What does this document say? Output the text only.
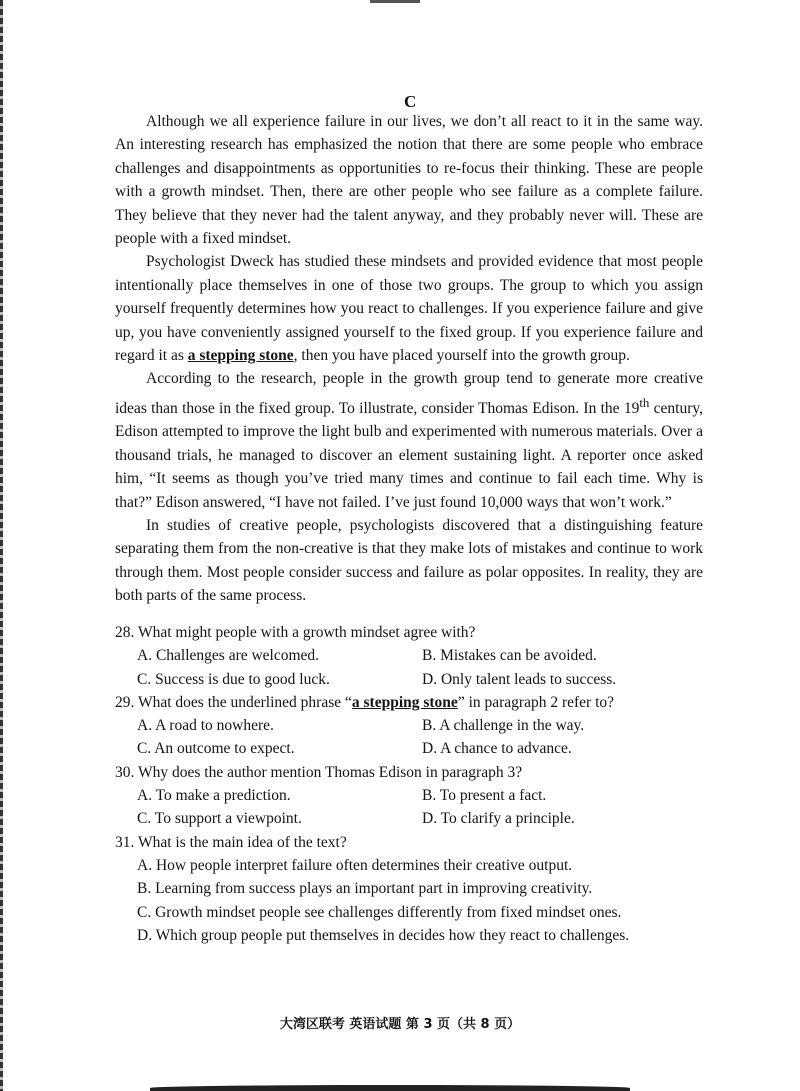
C

Although we all experience failure in our lives, we don’t all react to it in the same way. An interesting research has emphasized the notion that there are some people who embrace challenges and disappointments as opportunities to re-focus their thinking. These are people with a growth mindset. Then, there are other people who see failure as a complete failure. They believe that they never had the talent anyway, and they probably never will. These are people with a fixed mindset.

Psychologist Dweck has studied these mindsets and provided evidence that most people intentionally place themselves in one of those two groups. The group to which you assign yourself frequently determines how you react to challenges. If you experience failure and give up, you have conveniently assigned yourself to the fixed group. If you experience failure and regard it as a stepping stone, then you have placed yourself into the growth group.

According to the research, people in the growth group tend to generate more creative ideas than those in the fixed group. To illustrate, consider Thomas Edison. In the 19th century, Edison attempted to improve the light bulb and experimented with numerous materials. Over a thousand trials, he managed to discover an element sustaining light. A reporter once asked him, “It seems as though you’ve tried many times and continue to fail each time. Why is that?” Edison answered, “I have not failed. I’ve just found 10,000 ways that won’t work.”

In studies of creative people, psychologists discovered that a distinguishing feature separating them from the non-creative is that they make lots of mistakes and continue to work through them. Most people consider success and failure as polar opposites. In reality, they are both parts of the same process.

28. What might people with a growth mindset agree with?

A. Challenges are welcomed.	B. Mistakes can be avoided.
C. Success is due to good luck.	D. Only talent leads to success.

29. What does the underlined phrase “a stepping stone” in paragraph 2 refer to?

A. A road to nowhere.	B. A challenge in the way.
C. An outcome to expect.	D. A chance to advance.

30. Why does the author mention Thomas Edison in paragraph 3?

A. To make a prediction.	B. To present a fact.
C. To support a viewpoint.	D. To clarify a principle.

31. What is the main idea of the text?

A. How people interpret failure often determines their creative output.
B. Learning from success plays an important part in improving creativity.
C. Growth mindset people see challenges differently from fixed mindset ones.
D. Which group people put themselves in decides how they react to challenges.
大湾区联考 英语试题 第 3 页（共 8 页）
